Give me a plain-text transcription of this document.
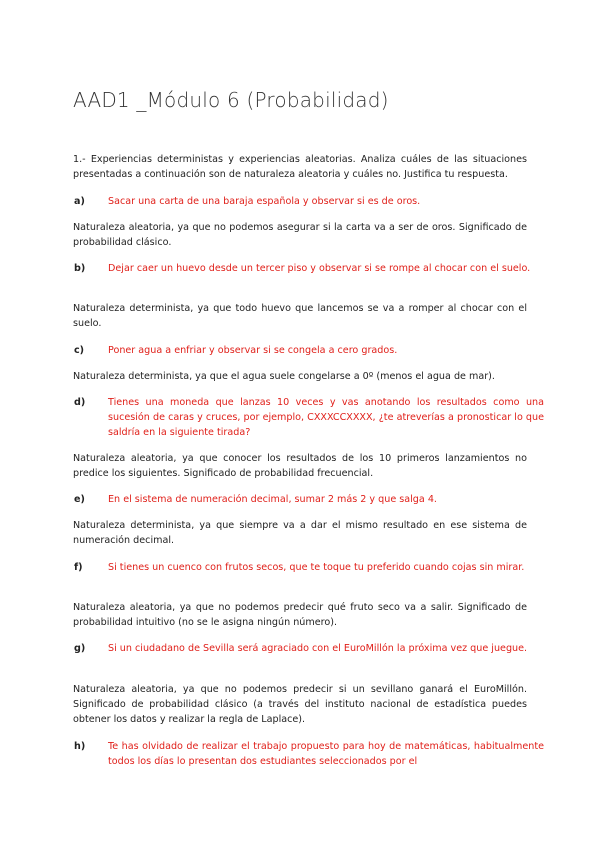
AAD1 _Módulo 6 (Probabilidad)
1.- Experiencias deterministas y experiencias aleatorias. Analiza cuáles de las situaciones presentadas a continuación son de naturaleza aleatoria y cuáles no. Justifica tu respuesta.
a) Sacar una carta de una baraja española y observar si es de oros.
Naturaleza aleatoria, ya que no podemos asegurar si la carta va a ser de oros. Significado de probabilidad clásico.
b) Dejar caer un huevo desde un tercer piso y observar si se rompe al chocar con el suelo.
Naturaleza determinista, ya que todo huevo que lancemos se va a romper al chocar con el suelo.
c) Poner agua a enfriar y observar si se congela a cero grados.
Naturaleza determinista, ya que el agua suele congelarse a 0º (menos el agua de mar).
d) Tienes una moneda que lanzas 10 veces y vas anotando los resultados como una sucesión de caras y cruces, por ejemplo, CXXXCCXXXX, ¿te atreverías a pronosticar lo que saldría en la siguiente tirada?
Naturaleza aleatoria, ya que conocer los resultados de los 10 primeros lanzamientos no predice los siguientes. Significado de probabilidad frecuencial.
e) En el sistema de numeración decimal, sumar 2 más 2 y que salga 4.
Naturaleza determinista, ya que siempre va a dar el mismo resultado en ese sistema de numeración decimal.
f)	Si tienes un cuenco con frutos secos, que te toque tu preferido cuando cojas sin mirar.
Naturaleza aleatoria, ya que no podemos predecir qué fruto seco va a salir. Significado de probabilidad intuitivo (no se le asigna ningún número).
g) Si un ciudadano de Sevilla será agraciado con el EuroMillón la próxima vez que juegue.
Naturaleza aleatoria, ya que no podemos predecir si un sevillano ganará el EuroMillón. Significado de probabilidad clásico (a través del instituto nacional de estadística puedes obtener los datos y realizar la regla de Laplace).
h) Te has olvidado de realizar el trabajo propuesto para hoy de matemáticas, habitualmente todos los días lo presentan dos estudiantes seleccionados por el
